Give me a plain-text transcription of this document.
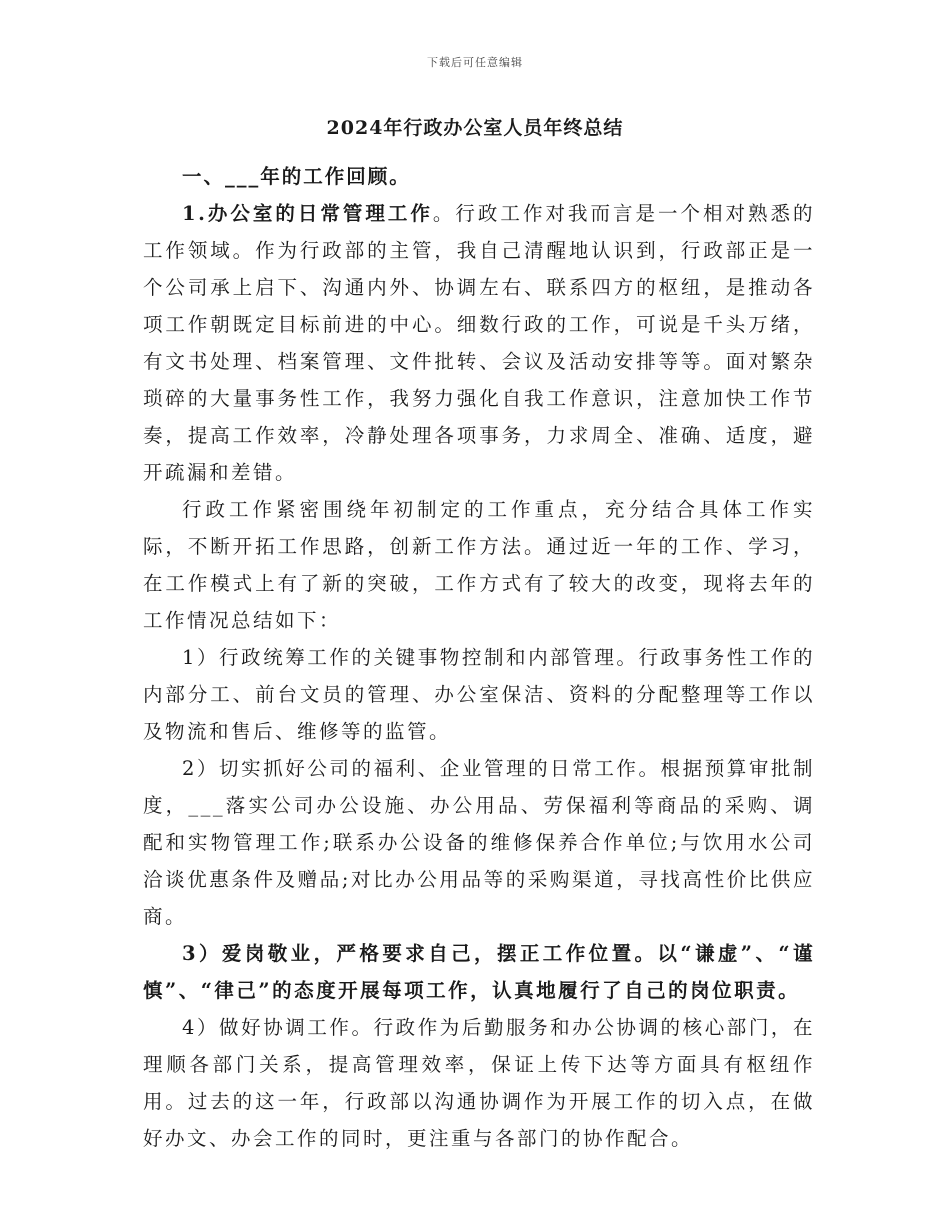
下载后可任意编辑
2024年行政办公室人员年终总结

一、___年的工作回顾。

1.办公室的日常管理工作。行政工作对我而言是一个相对熟悉的工作领域。作为行政部的主管，我自己清醒地认识到，行政部正是一个公司承上启下、沟通内外、协调左右、联系四方的枢纽，是推动各项工作朝既定目标前进的中心。细数行政的工作，可说是千头万绪，有文书处理、档案管理、文件批转、会议及活动安排等等。面对繁杂琐碎的大量事务性工作，我努力强化自我工作意识，注意加快工作节奏，提高工作效率，冷静处理各项事务，力求周全、准确、适度，避开疏漏和差错。

行政工作紧密围绕年初制定的工作重点，充分结合具体工作实际，不断开拓工作思路，创新工作方法。通过近一年的工作、学习，在工作模式上有了新的突破，工作方式有了较大的改变，现将去年的工作情况总结如下：

1）行政统筹工作的关键事物控制和内部管理。行政事务性工作的内部分工、前台文员的管理、办公室保洁、资料的分配整理等工作以及物流和售后、维修等的监管。

2）切实抓好公司的福利、企业管理的日常工作。根据预算审批制度，___落实公司办公设施、办公用品、劳保福利等商品的采购、调配和实物管理工作;联系办公设备的维修保养合作单位;与饮用水公司洽谈优惠条件及赠品;对比办公用品等的采购渠道，寻找高性价比供应商。

3）爱岗敬业，严格要求自己，摆正工作位置。以“谦虚”、“谨慎”、“律己”的态度开展每项工作，认真地履行了自己的岗位职责。

4）做好协调工作。行政作为后勤服务和办公协调的核心部门，在理顺各部门关系，提高管理效率，保证上传下达等方面具有枢纽作用。过去的这一年，行政部以沟通协调作为开展工作的切入点，在做好办文、办会工作的同时，更注重与各部门的协作配合。
